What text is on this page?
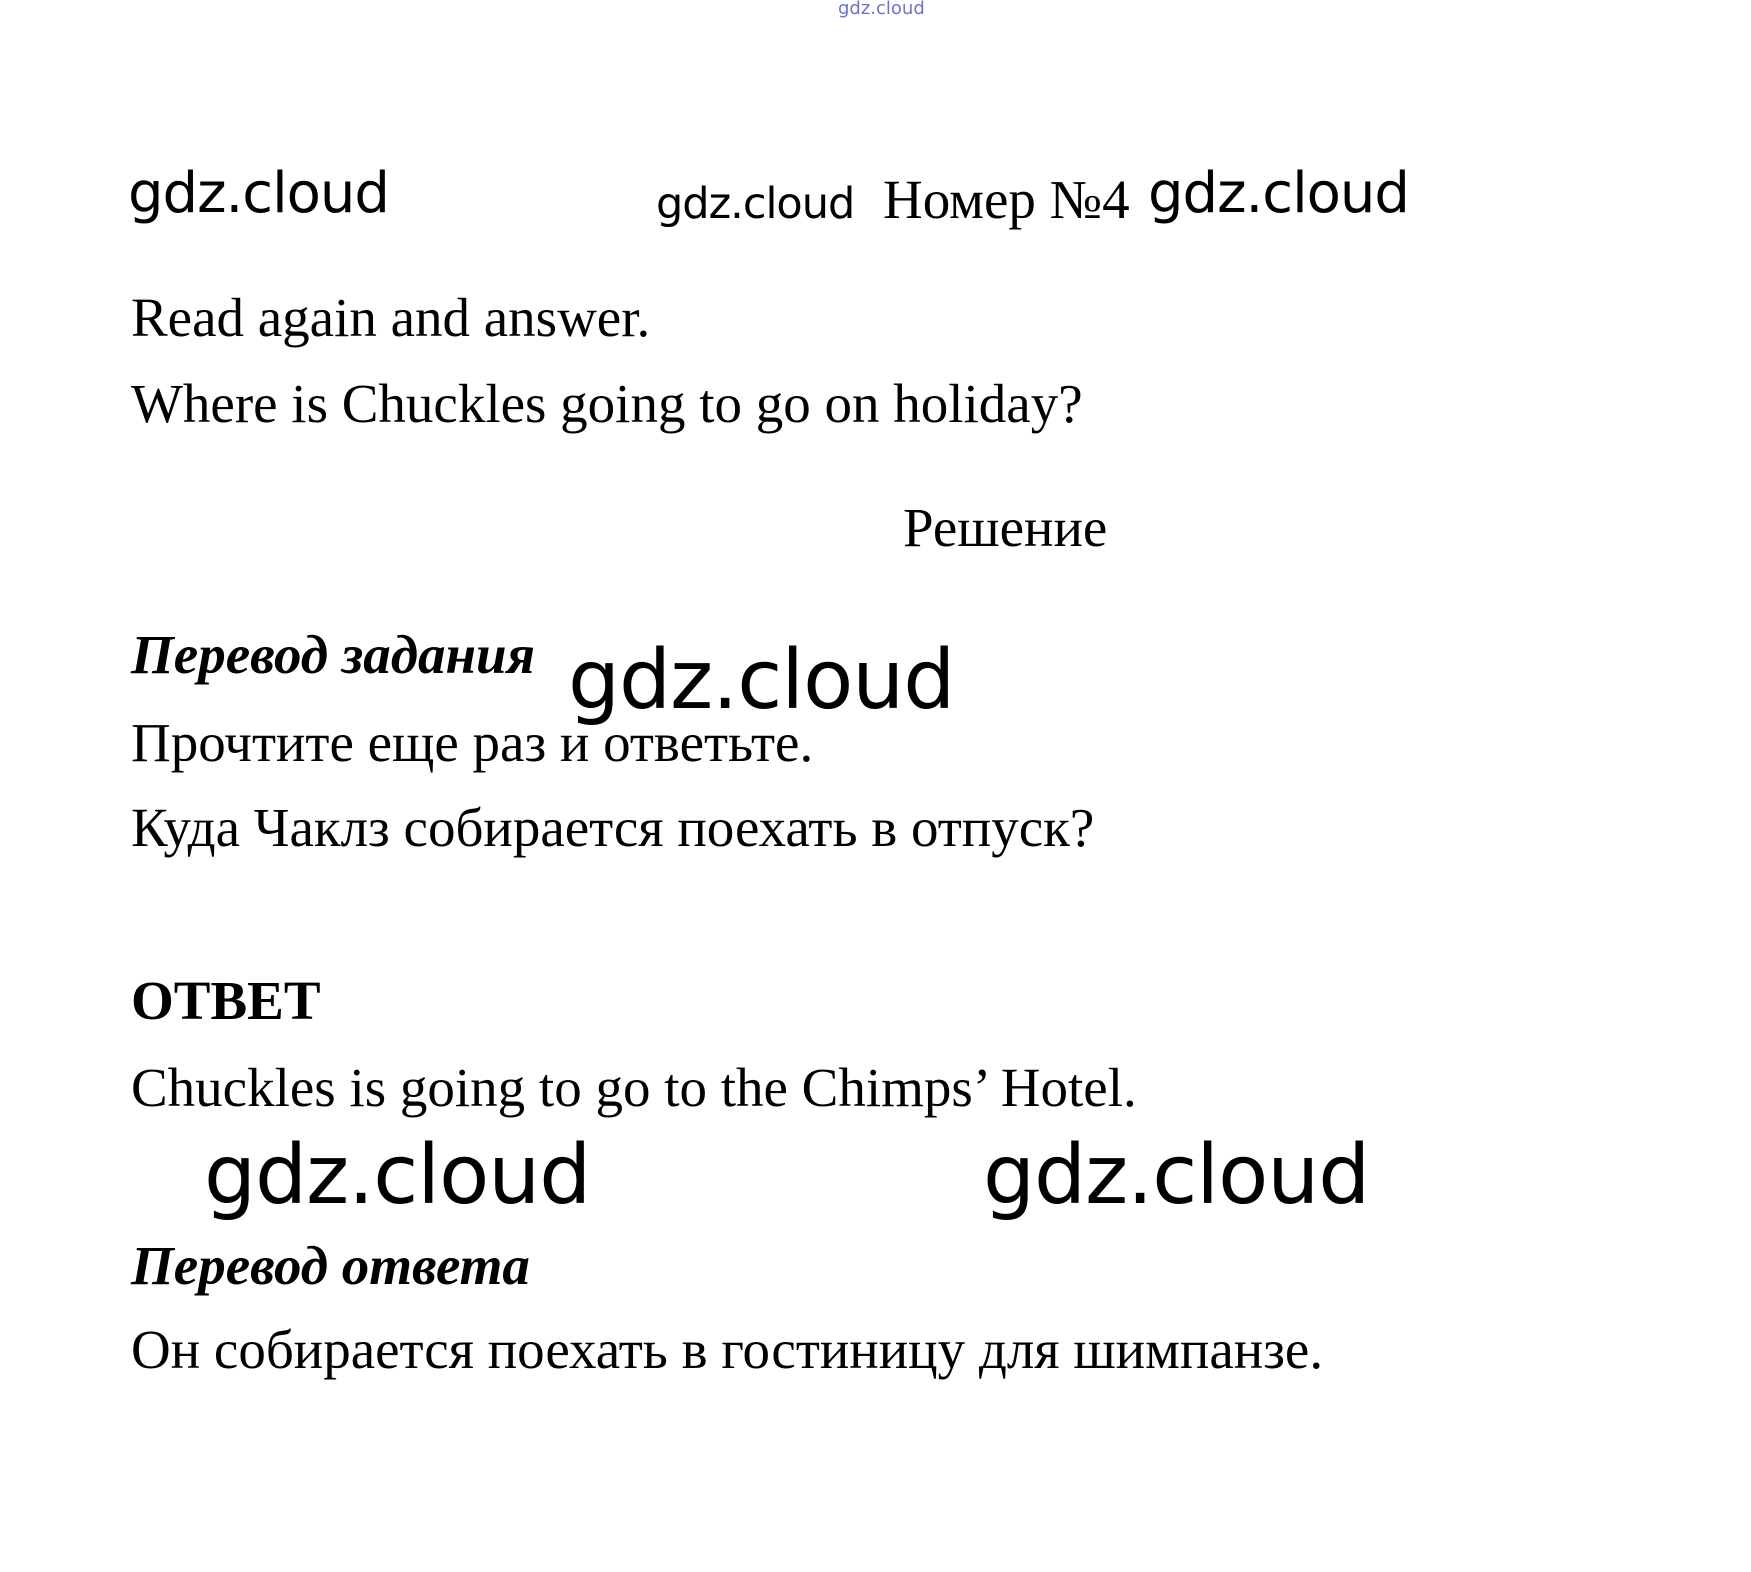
gdz.cloud
gdz.cloud	gdz.cloud Номер №4 gdz.cloud
Read again and answer.
Where is Chuckles going to go on holiday?
Решение
Перевод задания
Прочтите еще раз и ответьте.
Куда Чаклз собирается поехать в отпуск?
gdz.cloud
ОТВЕТ
Chuckles is going to go to the Chimps’ Hotel.
gdz.cloud	gdz.cloud
Перевод ответа
Он собирается поехать в гостиницу для шимпанзе.
